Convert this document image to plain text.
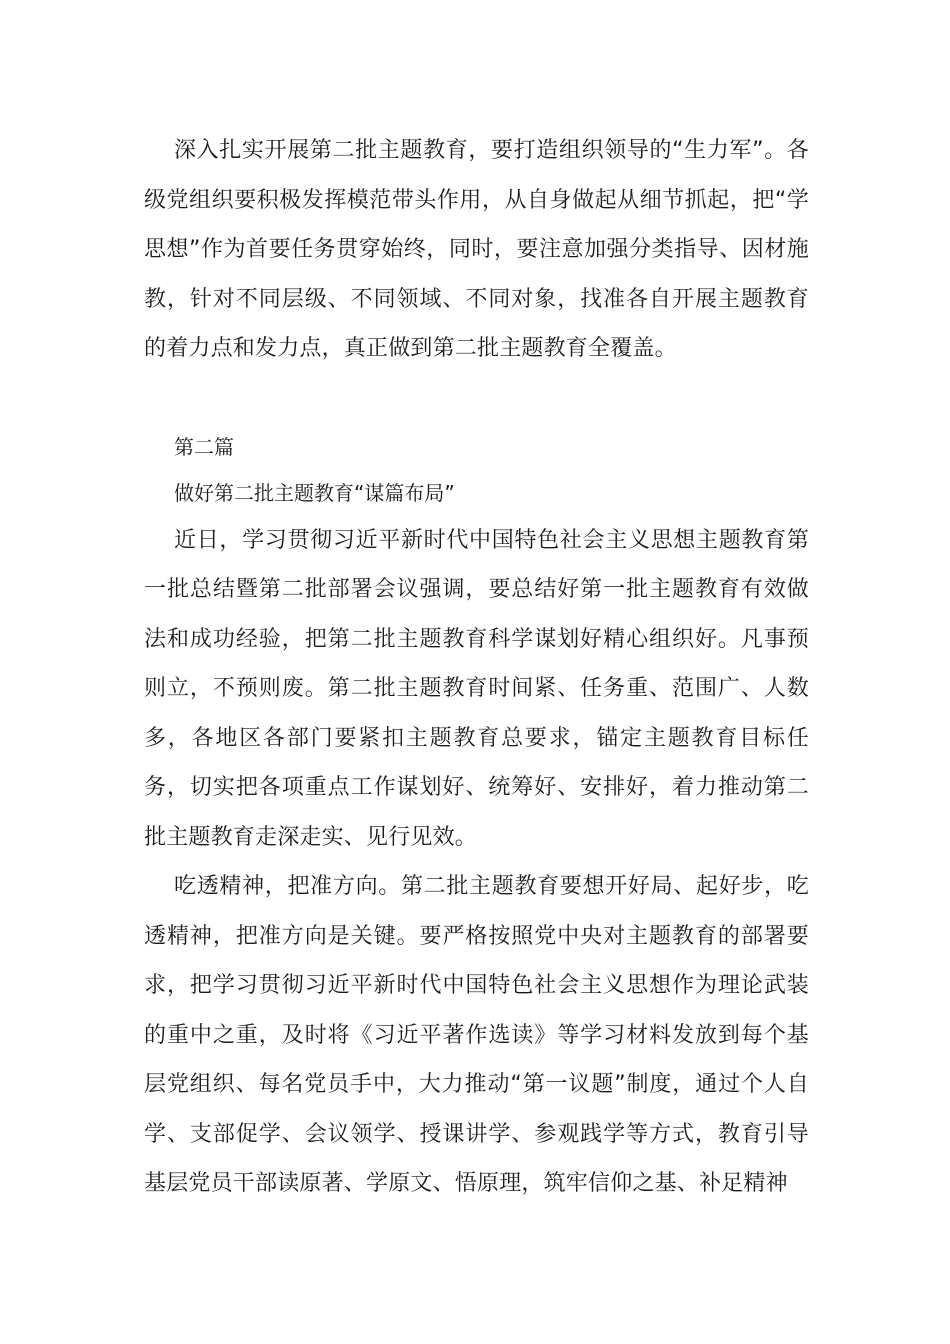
深入扎实开展第二批主题教育，要打造组织领导的“生力军”。各级党组织要积极发挥模范带头作用，从自身做起从细节抓起，把“学思想”作为首要任务贯穿始终，同时，要注意加强分类指导、因材施教，针对不同层级、不同领域、不同对象，找准各自开展主题教育的着力点和发力点，真正做到第二批主题教育全覆盖。

第二篇

做好第二批主题教育“谋篇布局”

近日，学习贯彻习近平新时代中国特色社会主义思想主题教育第一批总结暨第二批部署会议强调，要总结好第一批主题教育有效做法和成功经验，把第二批主题教育科学谋划好精心组织好。凡事预则立，不预则废。第二批主题教育时间紧、任务重、范围广、人数多，各地区各部门要紧扣主题教育总要求，锚定主题教育目标任务，切实把各项重点工作谋划好、统筹好、安排好，着力推动第二批主题教育走深走实、见行见效。

吃透精神，把准方向。第二批主题教育要想开好局、起好步，吃透精神，把准方向是关键。要严格按照党中央对主题教育的部署要求，把学习贯彻习近平新时代中国特色社会主义思想作为理论武装的重中之重，及时将《习近平著作选读》等学习材料发放到每个基层党组织、每名党员手中，大力推动“第一议题”制度，通过个人自学、支部促学、会议领学、授课讲学、参观践学等方式，教育引导基层党员干部读原著、学原文、悟原理，筑牢信仰之基、补足精神
